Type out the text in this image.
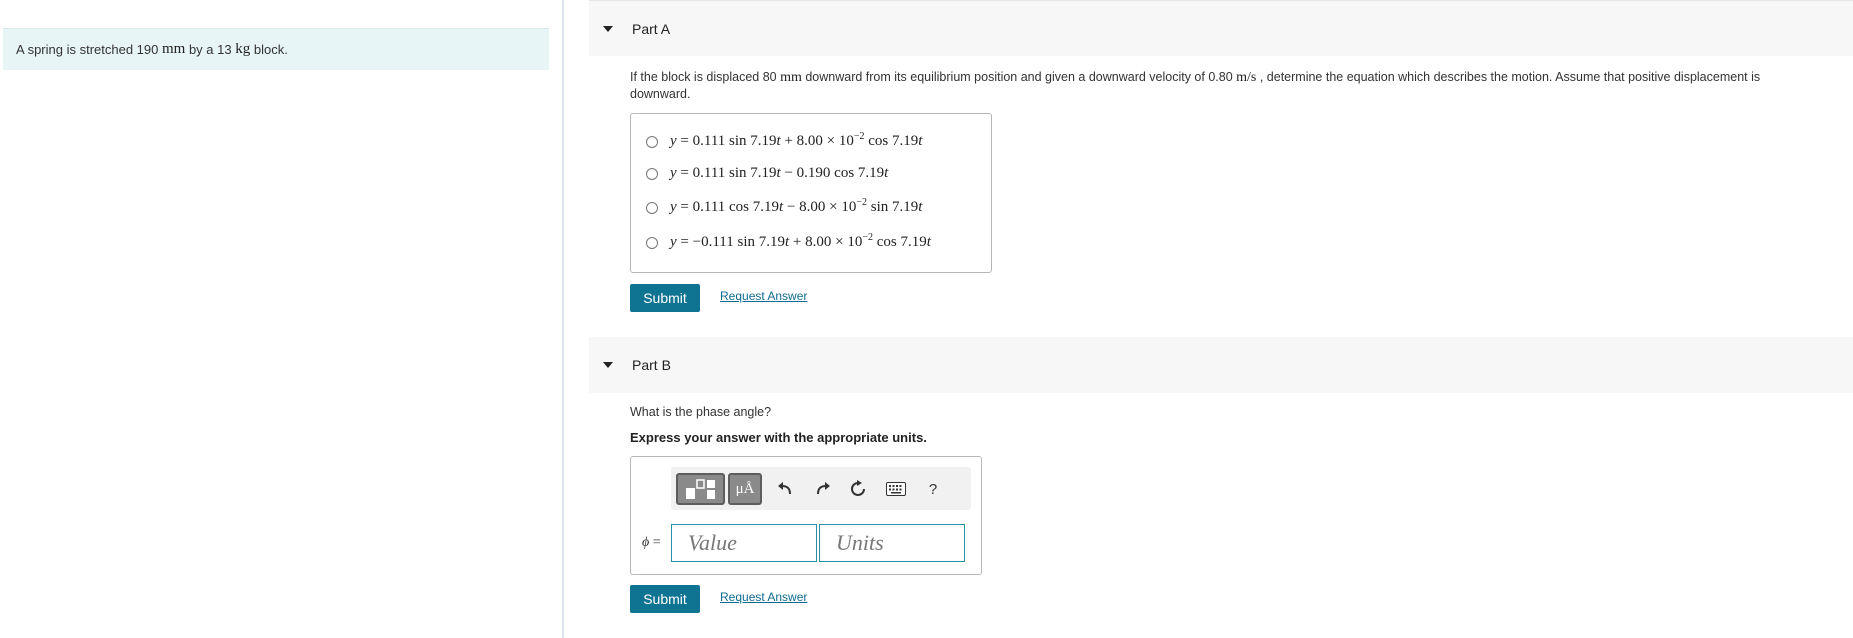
A spring is stretched 190
mm
by a 13
kg
block.
Part A
If the block is displaced 80 mm downward from its equilibrium position and given a downward velocity of 0.80 m/s , determine the equation which describes the motion. Assume that positive displacement is
downward.
y = 0.111 $\sin 7.19t + 8.00 \times 10^{-2}$ cos 7.19t
y = 0.111 sin 7.19t − 0.190 cos 7.19t
y = 0.111 $\cos 7.19t - 8.00 \times 10^{-2}$ sin 7.19t
y = −0.111 $\sin 7.19t + 8.00 \times 10^{-2}$ cos 7.19t
Submit	Request Answer
Part B
What is the phase angle?
Express your answer with the appropriate units.
μÅ	?
ϕ =
Value
Units
Submit	Request Answer
